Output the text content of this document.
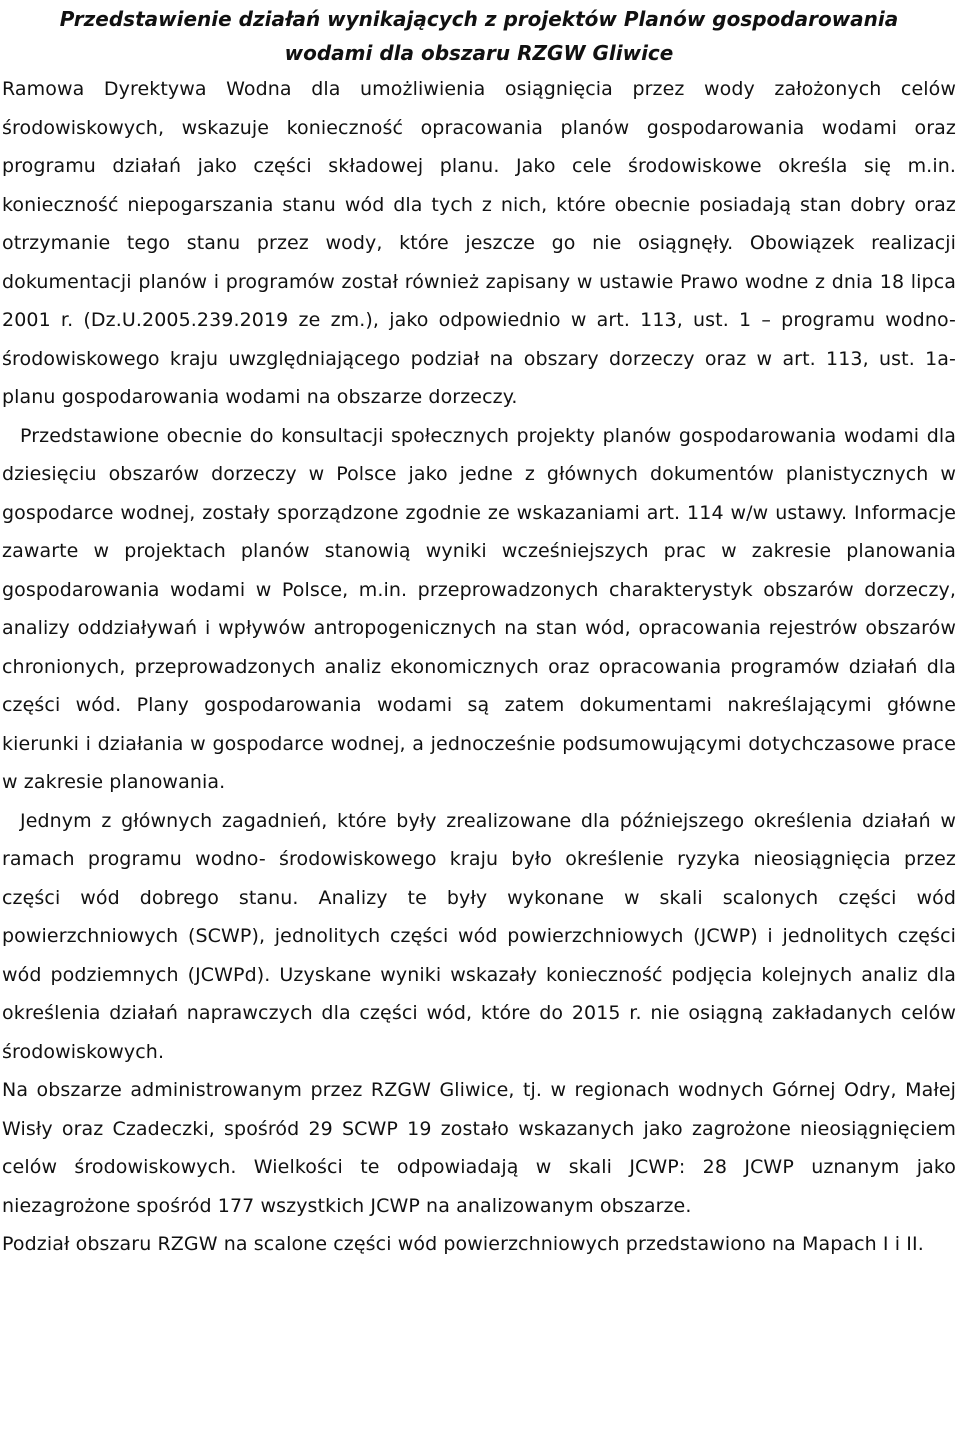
Przedstawienie działań wynikających z projektów Planów gospodarowania
wodami dla obszaru RZGW Gliwice

Ramowa Dyrektywa Wodna dla umożliwienia osiągnięcia przez wody założonych celów środowiskowych, wskazuje konieczność opracowania planów gospodarowania wodami oraz programu działań jako części składowej planu. Jako cele środowiskowe określa się m.in. konieczność niepogarszania stanu wód dla tych z nich, które obecnie posiadają stan dobry oraz otrzymanie tego stanu przez wody, które jeszcze go nie osiągnęły. Obowiązek realizacji dokumentacji planów i programów został również zapisany w ustawie Prawo wodne z dnia 18 lipca 2001 r. (Dz.U.2005.239.2019 ze zm.), jako odpowiednio w art. 113, ust. 1 – programu wodno- środowiskowego kraju uwzględniającego podział na obszary dorzeczy oraz w art. 113, ust. 1a- planu gospodarowania wodami na obszarze dorzeczy.

Przedstawione obecnie do konsultacji społecznych projekty planów gospodarowania wodami dla dziesięciu obszarów dorzeczy w Polsce jako jedne z głównych dokumentów planistycznych w gospodarce wodnej, zostały sporządzone zgodnie ze wskazaniami art. 114 w/w ustawy. Informacje zawarte w projektach planów stanowią wyniki wcześniejszych prac w zakresie planowania gospodarowania wodami w Polsce, m.in. przeprowadzonych charakterystyk obszarów dorzeczy, analizy oddziaływań i wpływów antropogenicznych na stan wód, opracowania rejestrów obszarów chronionych, przeprowadzonych analiz ekonomicznych oraz opracowania programów działań dla części wód. Plany gospodarowania wodami są zatem dokumentami nakreślającymi główne kierunki i działania w gospodarce wodnej, a jednocześnie podsumowującymi dotychczasowe prace w zakresie planowania.

Jednym z głównych zagadnień, które były zrealizowane dla późniejszego określenia działań w ramach programu wodno- środowiskowego kraju było określenie ryzyka nieosiągnięcia przez części wód dobrego stanu. Analizy te były wykonane w skali scalonych części wód powierzchniowych (SCWP), jednolitych części wód powierzchniowych (JCWP) i jednolitych części wód podziemnych (JCWPd). Uzyskane wyniki wskazały konieczność podjęcia kolejnych analiz dla określenia działań naprawczych dla części wód, które do 2015 r. nie osiągną zakładanych celów środowiskowych.

Na obszarze administrowanym przez RZGW Gliwice, tj. w regionach wodnych Górnej Odry, Małej Wisły oraz Czadeczki, spośród 29 SCWP 19 zostało wskazanych jako zagrożone nieosiągnięciem celów środowiskowych. Wielkości te odpowiadają w skali JCWP: 28 JCWP uznanym jako niezagrożone spośród 177 wszystkich JCWP na analizowanym obszarze.

Podział obszaru RZGW na scalone części wód powierzchniowych przedstawiono na Mapach I i II.
